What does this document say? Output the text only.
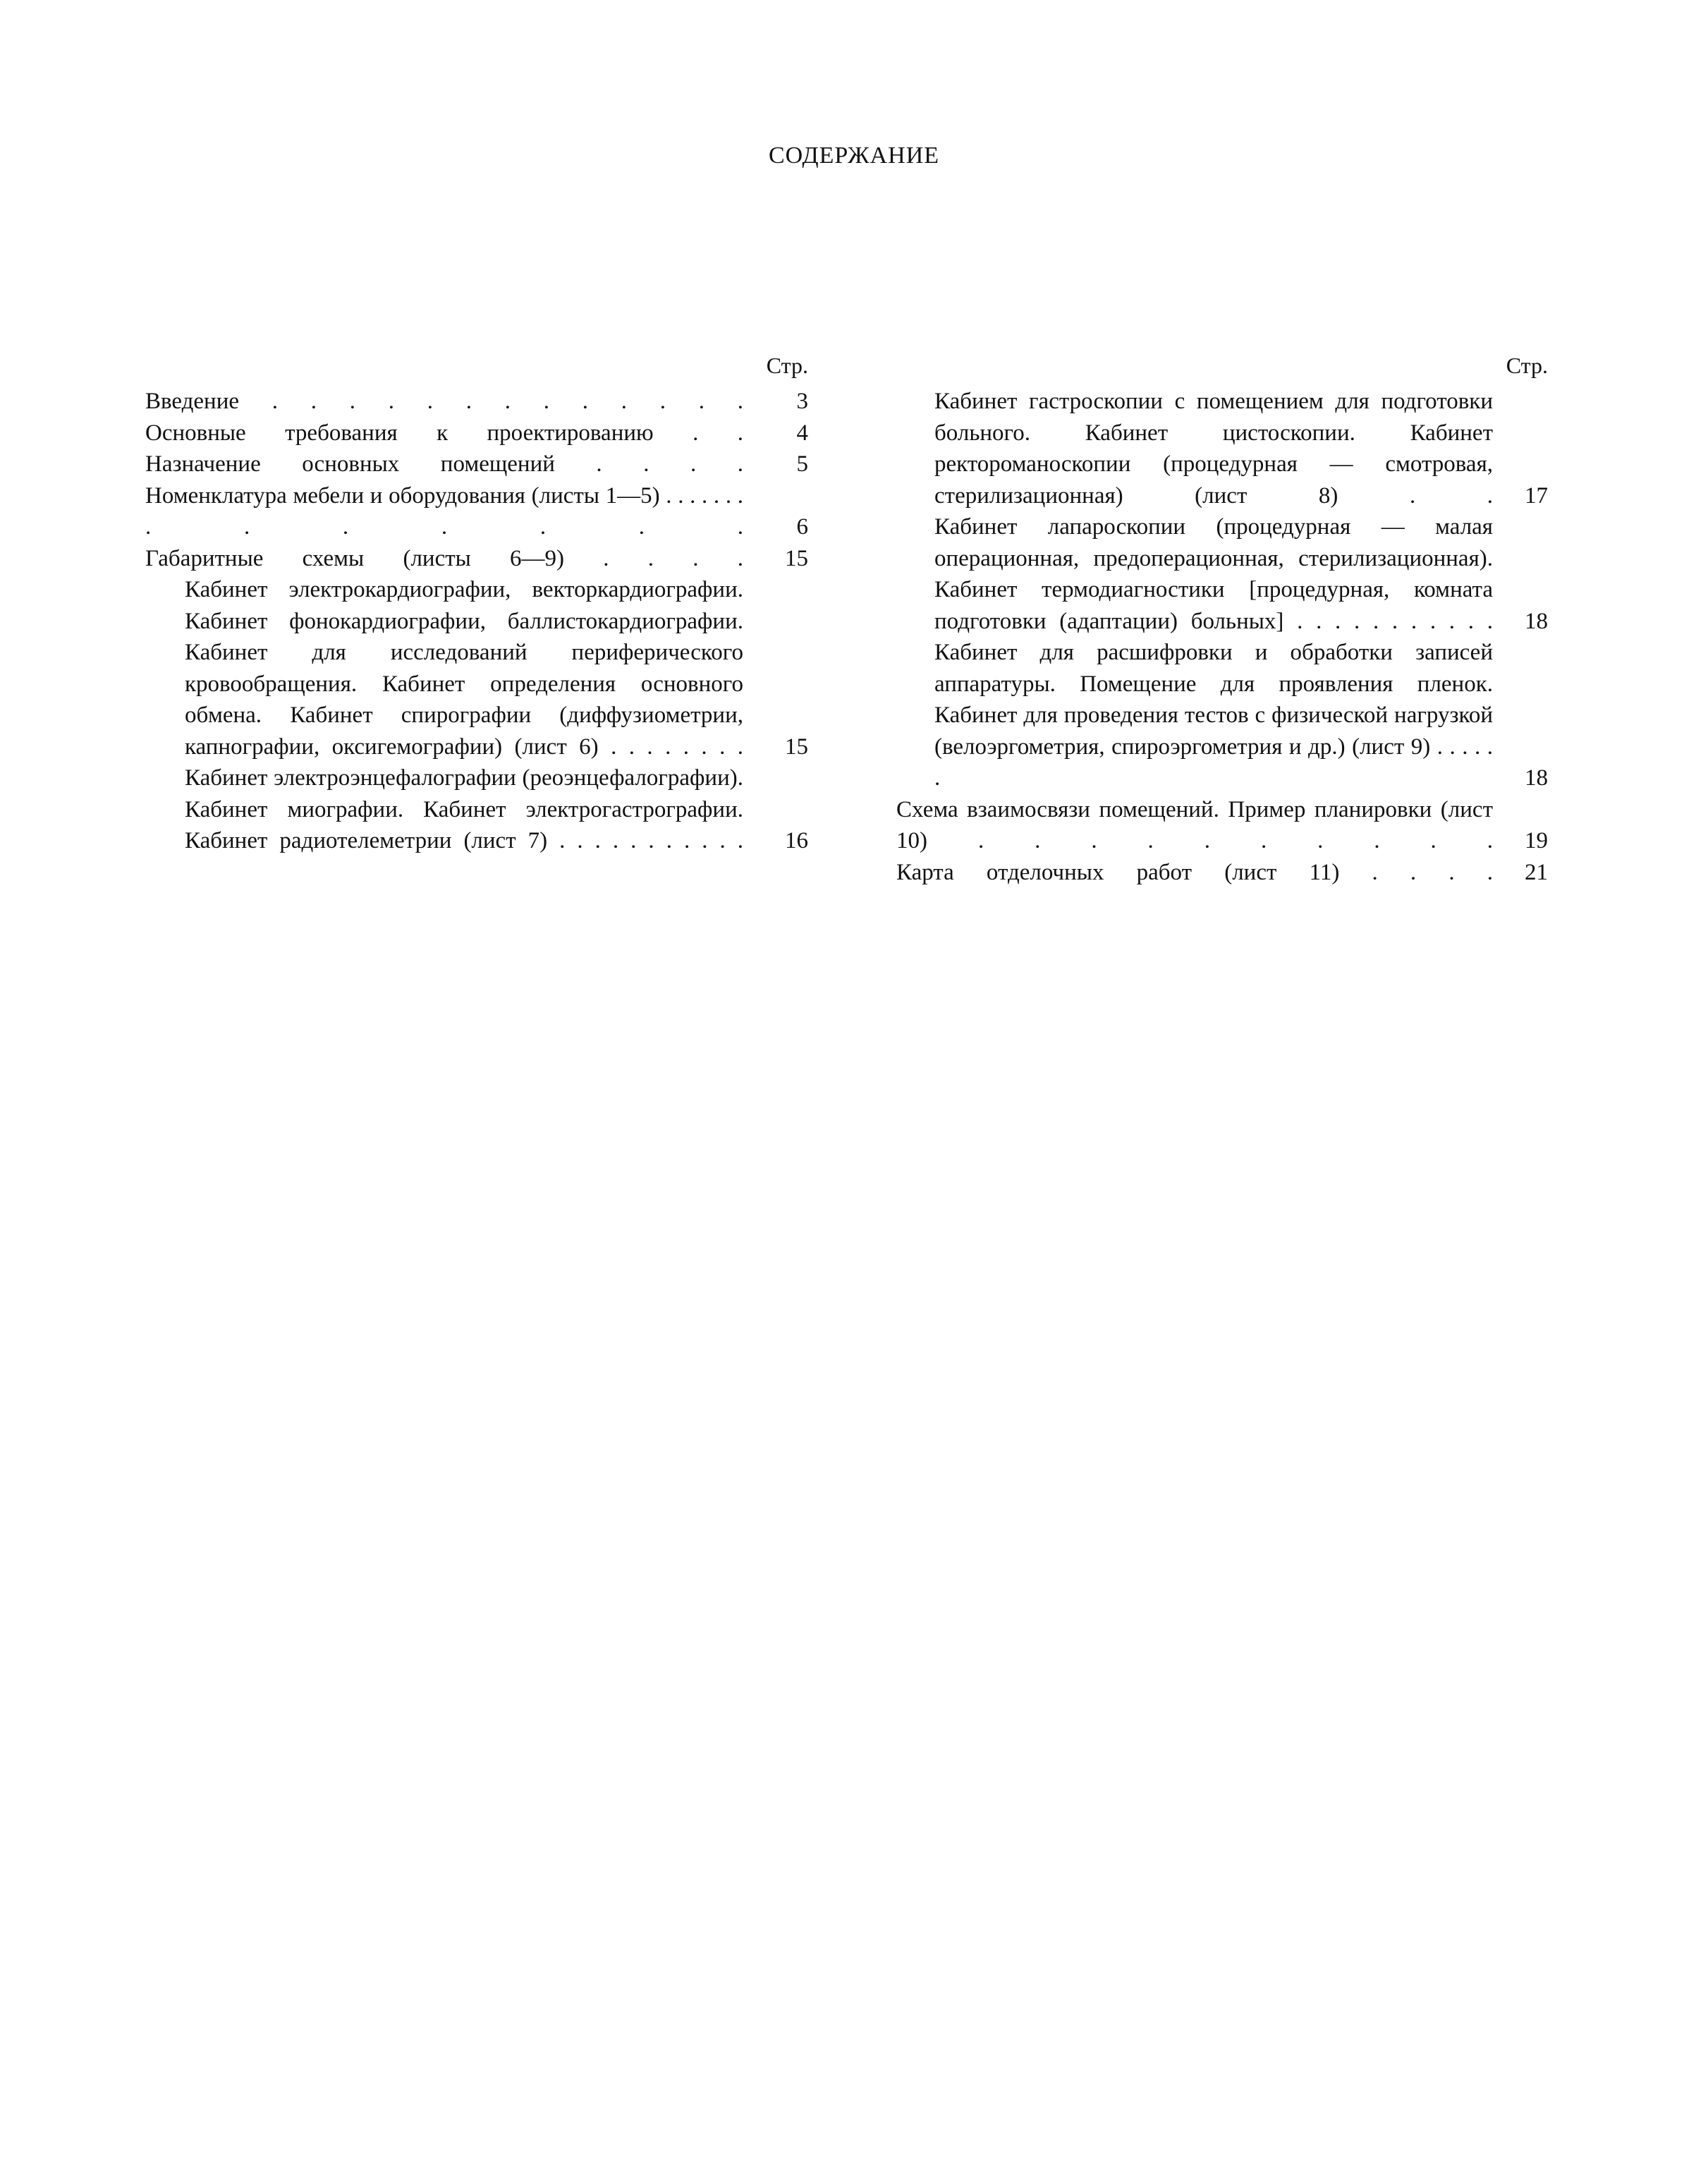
СОДЕРЖАНИЕ
Стр.
Введение . . . . . . . . . . . . . 3
Основные требования к проектированию . . 4
Назначение основных помещений . . . . 5
Номенклатура мебели и оборудования (листы 1—5) . . . . . . . . . . . . . . 6
Габаритные схемы (листы 6—9) . . . . 15
Кабинет электрокардиографии, векторкардиографии. Кабинет фонокардиографии, баллистокардиографии. Кабинет для исследований периферического кровообращения. Кабинет определения основного обмена. Кабинет спирографии (диффузиометрии, капнографии, оксигемографии) (лист 6) . . . . . . . . 15
Кабинет электроэнцефалографии (реоэнцефалографии). Кабинет миографии. Кабинет электрогастрографии. Кабинет радиотелеметрии (лист 7) . . . . . . . . . . . 16
Стр.
Кабинет гастроскопии с помещением для подготовки больного. Кабинет цистоскопии. Кабинет ректороманоскопии (процедурная — смотровая, стерилизационная) (лист 8) . . 17
Кабинет лапароскопии (процедурная — малая операционная, предоперационная, стерилизационная). Кабинет термодиагностики [процедурная, комната подготовки (адаптации) больных] . . . . . . . . . . . 18
Кабинет для расшифровки и обработки записей аппаратуры. Помещение для проявления пленок. Кабинет для проведения тестов с физической нагрузкой (велоэргометрия, спироэргометрия и др.) (лист 9) . . . . . .	18
Схема взаимосвязи помещений. Пример планировки (лист 10) . . . . . . . . . . 19
Карта отделочных работ (лист 11) . . . . 21
